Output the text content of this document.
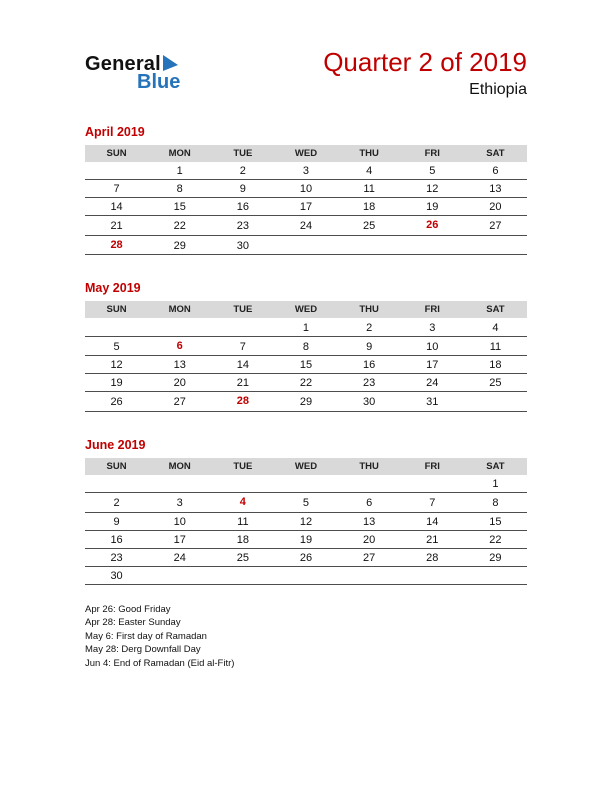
General
Blue
Quarter 2 of 2019
Ethiopia
April 2019
SUN	MON	TUE	WED	THU	FRI	SAT
	1	2	3	4	5	6
7	8	9	10	11	12	13
14	15	16	17	18	19	20
21	22	23	24	25	26	27
28	29	30				
May 2019
SUN	MON	TUE	WED	THU	FRI	SAT
			1	2	3	4
5	6	7	8	9	10	11
12	13	14	15	16	17	18
19	20	21	22	23	24	25
26	27	28	29	30	31	
June 2019
SUN	MON	TUE	WED	THU	FRI	SAT
						1
2	3	4	5	6	7	8
9	10	11	12	13	14	15
16	17	18	19	20	21	22
23	24	25	26	27	28	29
30						
Apr 26: Good Friday
Apr 28: Easter Sunday
May 6: First day of Ramadan
May 28: Derg Downfall Day
Jun 4: End of Ramadan (Eid al-Fitr)
